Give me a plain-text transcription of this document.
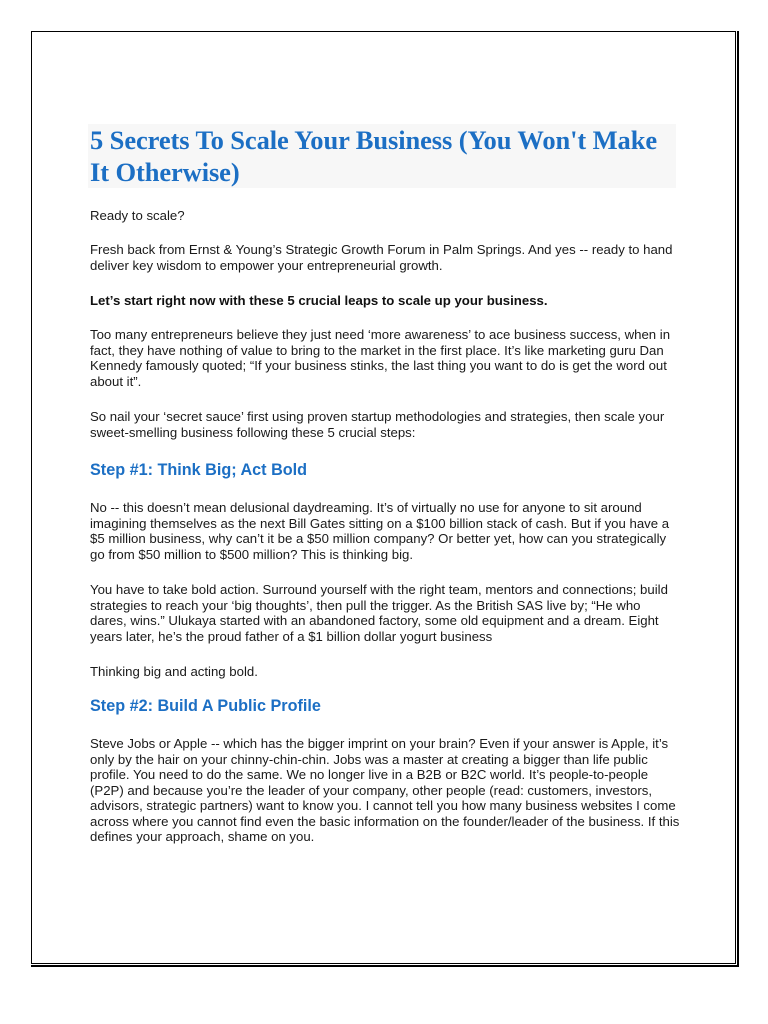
5 Secrets To Scale Your Business (You Won't Make It Otherwise)

Ready to scale?

Fresh back from Ernst & Young’s Strategic Growth Forum in Palm Springs. And yes -- ready to hand deliver key wisdom to empower your entrepreneurial growth.

Let’s start right now with these 5 crucial leaps to scale up your business.

Too many entrepreneurs believe they just need ‘more awareness’ to ace business success, when in fact, they have nothing of value to bring to the market in the first place. It’s like marketing guru Dan Kennedy famously quoted; “If your business stinks, the last thing you want to do is get the word out about it”.

So nail your ‘secret sauce’ first using proven startup methodologies and strategies, then scale your sweet-smelling business following these 5 crucial steps:

Step #1: Think Big; Act Bold

No -- this doesn’t mean delusional daydreaming. It’s of virtually no use for anyone to sit around imagining themselves as the next Bill Gates sitting on a $100 billion stack of cash. But if you have a $5 million business, why can’t it be a $50 million company? Or better yet, how can you strategically go from $50 million to $500 million? This is thinking big.

You have to take bold action. Surround yourself with the right team, mentors and connections; build strategies to reach your ‘big thoughts’, then pull the trigger. As the British SAS live by; “He who dares, wins.” Ulukaya started with an abandoned factory, some old equipment and a dream. Eight years later, he’s the proud father of a $1 billion dollar yogurt business

Thinking big and acting bold.

Step #2: Build A Public Profile

Steve Jobs or Apple -- which has the bigger imprint on your brain? Even if your answer is Apple, it’s only by the hair on your chinny-chin-chin. Jobs was a master at creating a bigger than life public profile. You need to do the same. We no longer live in a B2B or B2C world. It’s people-to-people (P2P) and because you’re the leader of your company, other people (read: customers, investors, advisors, strategic partners) want to know you. I cannot tell you how many business websites I come across where you cannot find even the basic information on the founder/leader of the business. If this defines your approach, shame on you.
